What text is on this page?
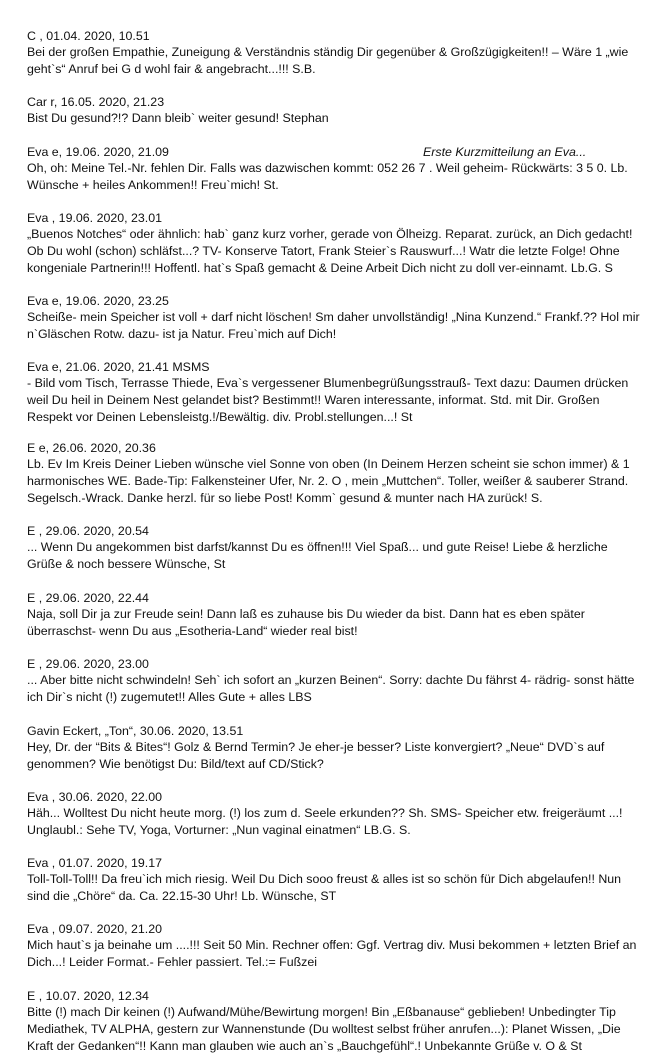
C , 01.04. 2020, 10.51

Bei der großen Empathie, Zuneigung & Verständnis ständig Dir gegenüber & Großzügigkeiten!! – Wäre 1 „wie geht`s“ Anruf bei G d wohl fair & angebracht...!!! S.B.

Car r, 16.05. 2020, 21.23

Bist Du gesund?!? Dann bleib` weiter gesund! Stephan

Eva e, 19.06. 2020, 21.09	Erste Kurzmitteilung an Eva...

Oh, oh: Meine Tel.-Nr. fehlen Dir. Falls was dazwischen kommt: 052 26 7 . Weil geheim- Rückwärts: 3 5 0. Lb. Wünsche + heiles Ankommen!! Freu`mich! St.

Eva , 19.06. 2020, 23.01

„Buenos Notches“ oder ähnlich: hab` ganz kurz vorher, gerade von Ölheizg. Reparat. zurück, an Dich gedacht! Ob Du wohl (schon) schläfst...? TV- Konserve Tatort, Frank Steier`s Rauswurf...! Watr die letzte Folge! Ohne kongeniale Partnerin!!! Hoffentl. hat`s Spaß gemacht & Deine Arbeit Dich nicht zu doll ver-einnamt. Lb.G. S

Eva e, 19.06. 2020, 23.25

Scheiße- mein Speicher ist voll + darf nicht löschen! Sm daher unvollständig! „Nina Kunzend.“ Frankf.?? Hol mir n`Gläschen Rotw. dazu- ist ja Natur. Freu`mich auf Dich!

Eva e, 21.06. 2020, 21.41 MSMS

- Bild vom Tisch, Terrasse Thiede, Eva`s vergessener Blumenbegrüßungsstrauß- Text dazu: Daumen drücken weil Du heil in Deinem Nest gelandet bist? Bestimmt!! Waren interessante, informat. Std. mit Dir. Großen Respekt vor Deinen Lebensleistg.!/Bewältig. div. Probl.stellungen...! St

E e, 26.06. 2020, 20.36

Lb. Ev Im Kreis Deiner Lieben wünsche viel Sonne von oben (In Deinem Herzen scheint sie schon immer) & 1 harmonisches WE. Bade-Tip: Falkensteiner Ufer, Nr. 2. O , mein „Muttchen“. Toller, weißer & sauberer Strand. Segelsch.-Wrack. Danke herzl. für so liebe Post! Komm` gesund & munter nach HA zurück! S.

E , 29.06. 2020, 20.54

... Wenn Du angekommen bist darfst/kannst Du es öffnen!!! Viel Spaß... und gute Reise! Liebe & herzliche Grüße & noch bessere Wünsche, St

E , 29.06. 2020, 22.44

Naja, soll Dir ja zur Freude sein! Dann laß es zuhause bis Du wieder da bist. Dann hat es eben später überraschst- wenn Du aus „Esotheria-Land“ wieder real bist!

E , 29.06. 2020, 23.00

... Aber bitte nicht schwindeln! Seh` ich sofort an „kurzen Beinen“. Sorry: dachte Du fährst 4- rädrig- sonst hätte ich Dir`s nicht (!) zugemutet!! Alles Gute + alles LBS

Gavin Eckert, „Ton“, 30.06. 2020, 13.51

Hey, Dr. der “Bits & Bites“! Golz & Bernd Termin? Je eher-je besser? Liste konvergiert? „Neue“ DVD`s auf genommen? Wie benötigst Du: Bild/text auf CD/Stick?

Eva , 30.06. 2020, 22.00

Häh... Wolltest Du nicht heute morg. (!) los zum d. Seele erkunden?? Sh. SMS- Speicher etw. freigeräumt ...! Unglaubl.: Sehe TV, Yoga, Vorturner: „Nun vaginal einatmen“ LB.G. S.

Eva , 01.07. 2020, 19.17

Toll-Toll-Toll!! Da freu`ich mich riesig. Weil Du Dich sooo freust & alles ist so schön für Dich abgelaufen!! Nun sind die „Chöre“ da. Ca. 22.15-30 Uhr! Lb. Wünsche, ST

Eva , 09.07. 2020, 21.20

Mich haut`s ja beinahe um ....!!! Seit 50 Min. Rechner offen: Ggf. Vertrag div. Musi bekommen + letzten Brief an Dich...! Leider Format.- Fehler passiert. Tel.:= Fußzei

E , 10.07. 2020, 12.34

Bitte (!) mach Dir keinen (!) Aufwand/Mühe/Bewirtung morgen! Bin „Eßbanause“ geblieben! Unbedingter Tip Mediathek, TV ALPHA, gestern zur Wannenstunde (Du wolltest selbst früher anrufen...): Planet Wissen, „Die Kraft der Gedanken“!! Kann man glauben wie auch an`s „Bauchgefühl“.! Unbekannte Grüße v. O & St
